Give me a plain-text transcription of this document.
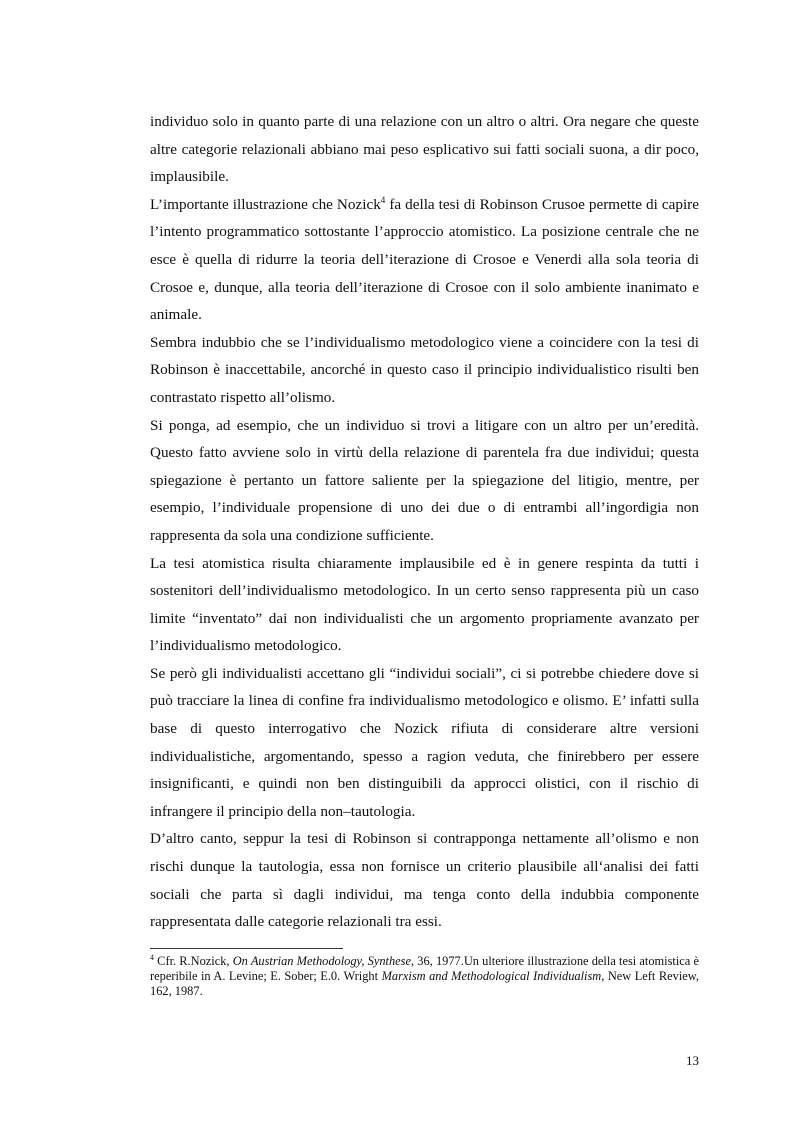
individuo solo in quanto parte di una relazione con un altro o altri. Ora negare che queste altre categorie relazionali abbiano mai peso esplicativo sui fatti sociali suona, a dir poco, implausibile.

L’importante illustrazione che Nozick$^4$ fa della tesi di Robinson Crusoe permette di capire l’intento programmatico sottostante l’approccio atomistico. La posizione centrale che ne esce è quella di ridurre la teoria dell’iterazione di Crosoe e Venerdi alla sola teoria di Crosoe e, dunque, alla teoria dell’iterazione di Crosoe con il solo ambiente inanimato e animale.

Sembra indubbio che se l’individualismo metodologico viene a coincidere con la tesi di Robinson è inaccettabile, ancorché in questo caso il principio individualistico risulti ben contrastato rispetto all’olismo.

Si ponga, ad esempio, che un individuo si trovi a litigare con un altro per un’eredità. Questo fatto avviene solo in virtù della relazione di parentela fra due individui; questa spiegazione è pertanto un fattore saliente per la spiegazione del litigio, mentre, per esempio, l’individuale propensione di uno dei due o di entrambi all’ingordigia non rappresenta da sola una condizione sufficiente.

La tesi atomistica risulta chiaramente implausibile ed è in genere respinta da tutti i sostenitori dell’individualismo metodologico. In un certo senso rappresenta più un caso limite “inventato” dai non individualisti che un argomento propriamente avanzato per l’individualismo metodologico.

Se però gli individualisti accettano gli “individui sociali”, ci si potrebbe chiedere dove si può tracciare la linea di confine fra individualismo metodologico e olismo. E’ infatti sulla base di questo interrogativo che Nozick rifiuta di considerare altre versioni individualistiche, argomentando, spesso a ragion veduta, che finirebbero per essere insignificanti, e quindi non ben distinguibili da approcci olistici, con il rischio di infrangere il principio della non–tautologia.

D’altro canto, seppur la tesi di Robinson si contrapponga nettamente all’olismo e non rischi dunque la tautologia, essa non fornisce un criterio plausibile all‘analisi dei fatti sociali che parta sì dagli individui, ma tenga conto della indubbia componente rappresentata dalle categorie relazionali tra essi.

$^4$ Cfr. R.Nozick, On Austrian Methodology, Synthese, 36, 1977.Un ulteriore illustrazione della tesi atomistica è reperibile in A. Levine; E. Sober; E.0. Wright Marxism and Methodological Individualism, New Left Review, 162, 1987.

13
